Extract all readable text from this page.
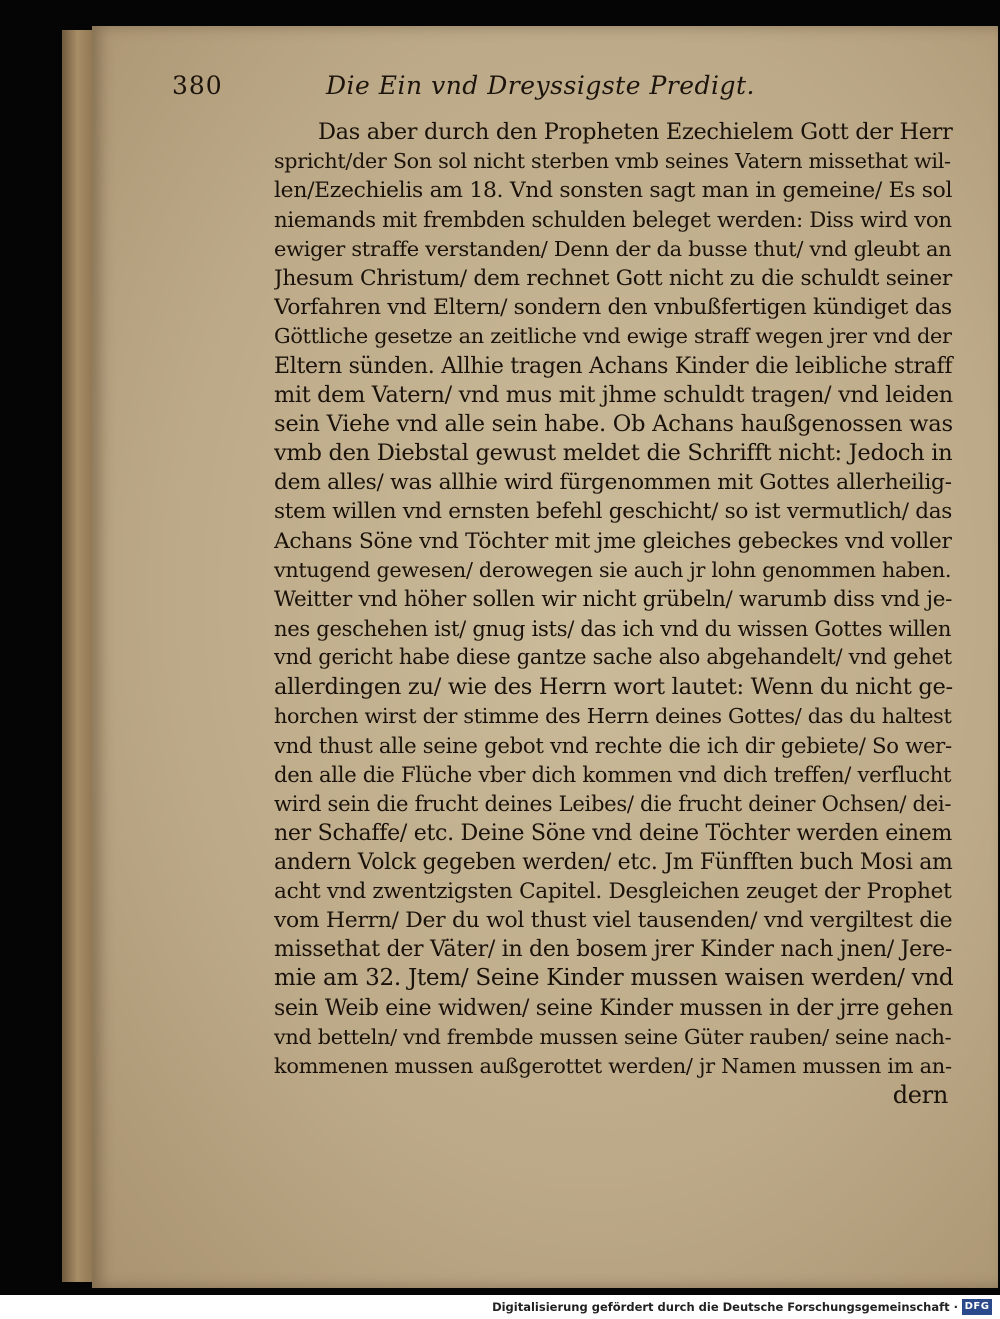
380	Die Ein vnd Dreyssigste Predigt.
Das aber durch den Propheten Ezechielem Gott der Herr
spricht/der Son sol nicht sterben vmb seines Vatern missethat wil-
len/Ezechielis am 18. Vnd sonsten sagt man in gemeine/ Es sol
niemands mit frembden schulden beleget werden: Diss wird von
ewiger straffe verstanden/ Denn der da busse thut/ vnd gleubt an
Jhesum Christum/ dem rechnet Gott nicht zu die schuldt seiner
Vorfahren vnd Eltern/ sondern den vnbußfertigen kündiget das
Göttliche gesetze an zeitliche vnd ewige straff wegen jrer vnd der
Eltern sünden. Allhie tragen Achans Kinder die leibliche straff
mit dem Vatern/ vnd mus mit jhme schuldt tragen/ vnd leiden
sein Viehe vnd alle sein habe. Ob Achans haußgenossen was
vmb den Diebstal gewust meldet die Schrifft nicht: Jedoch in
dem alles/ was allhie wird fürgenommen mit Gottes allerheilig-
stem willen vnd ernsten befehl geschicht/ so ist vermutlich/ das
Achans Söne vnd Töchter mit jme gleiches gebeckes vnd voller
vntugend gewesen/ derowegen sie auch jr lohn genommen haben.
Weitter vnd höher sollen wir nicht grübeln/ warumb diss vnd je-
nes geschehen ist/ gnug ists/ das ich vnd du wissen Gottes willen
vnd gericht habe diese gantze sache also abgehandelt/ vnd gehet
allerdingen zu/ wie des Herrn wort lautet: Wenn du nicht ge-
horchen wirst der stimme des Herrn deines Gottes/ das du haltest
vnd thust alle seine gebot vnd rechte die ich dir gebiete/ So wer-
den alle die Flüche vber dich kommen vnd dich treffen/ verflucht
wird sein die frucht deines Leibes/ die frucht deiner Ochsen/ dei-
ner Schaffe/ etc. Deine Söne vnd deine Töchter werden einem
andern Volck gegeben werden/ etc. Jm Fünfften buch Mosi am
acht vnd zwentzigsten Capitel. Desgleichen zeuget der Prophet
vom Herrn/ Der du wol thust viel tausenden/ vnd vergiltest die
missethat der Väter/ in den bosem jrer Kinder nach jnen/ Jere-
mie am 32. Jtem/ Seine Kinder mussen waisen werden/ vnd
sein Weib eine widwen/ seine Kinder mussen in der jrre gehen
vnd betteln/ vnd frembde mussen seine Güter rauben/ seine nach-
kommenen mussen außgerottet werden/ jr Namen mussen im an-
dern
Digitalisierung gefördert durch die Deutsche Forschungsgemeinschaft · DFG
